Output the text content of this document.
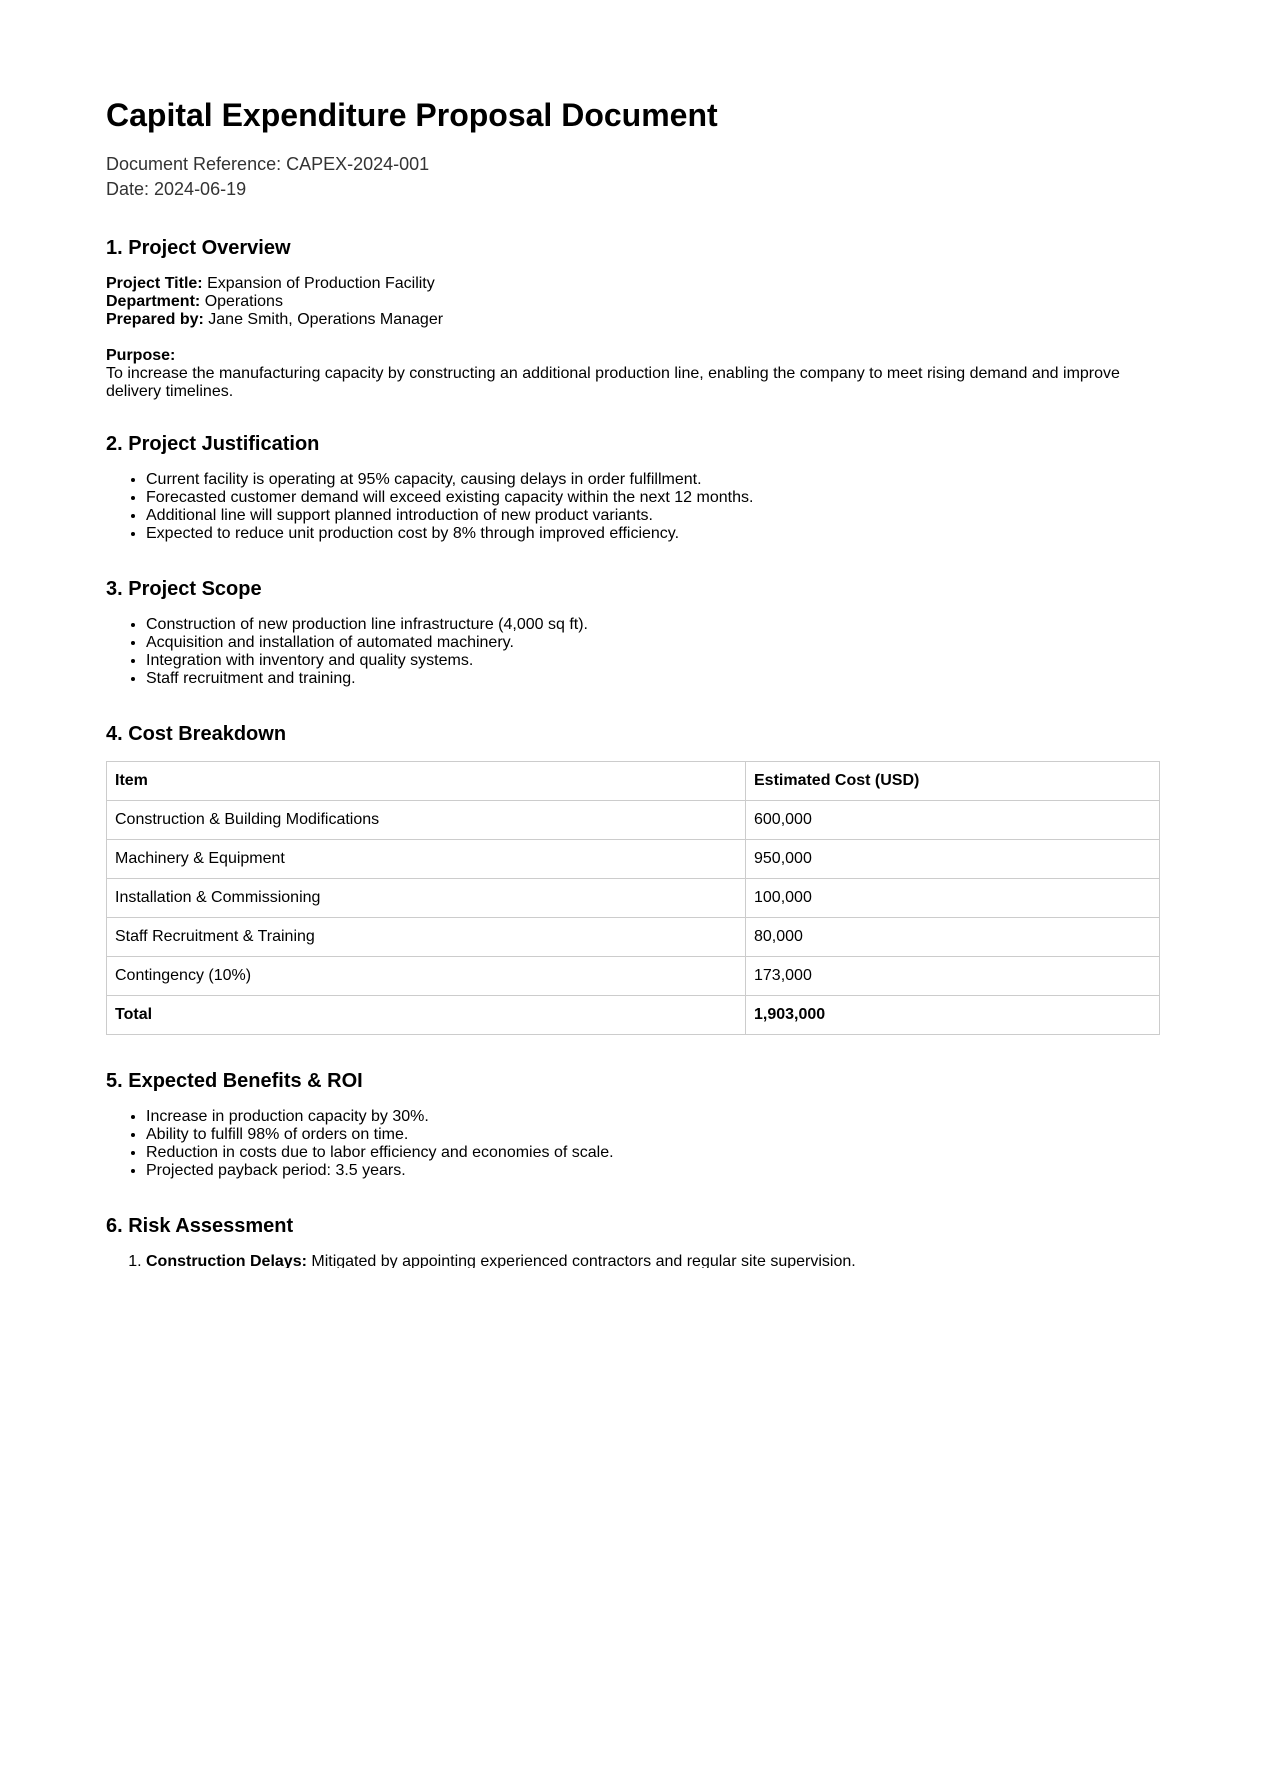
Capital Expenditure Proposal Document
Document Reference: CAPEX-2024-001
Date: 2024-06-19
1. Project Overview
Project Title: Expansion of Production Facility
Department: Operations
Prepared by: Jane Smith, Operations Manager
Purpose:
To increase the manufacturing capacity by constructing an additional production line, enabling the company to meet rising demand and improve delivery timelines.
2. Project Justification
• Current facility is operating at 95% capacity, causing delays in order fulfillment.
• Forecasted customer demand will exceed existing capacity within the next 12 months.
• Additional line will support planned introduction of new product variants.
• Expected to reduce unit production cost by 8% through improved efficiency.
3. Project Scope
• Construction of new production line infrastructure (4,000 sq ft).
• Acquisition and installation of automated machinery.
• Integration with inventory and quality systems.
• Staff recruitment and training.
4. Cost Breakdown
Item	Estimated Cost (USD)
Construction & Building Modifications	600,000
Machinery & Equipment	950,000
Installation & Commissioning	100,000
Staff Recruitment & Training	80,000
Contingency (10%)	173,000
Total	1,903,000
5. Expected Benefits & ROI
• Increase in production capacity by 30%.
• Ability to fulfill 98% of orders on time.
• Reduction in costs due to labor efficiency and economies of scale.
• Projected payback period: 3.5 years.
6. Risk Assessment
1. Construction Delays: Mitigated by appointing experienced contractors and regular site supervision.
